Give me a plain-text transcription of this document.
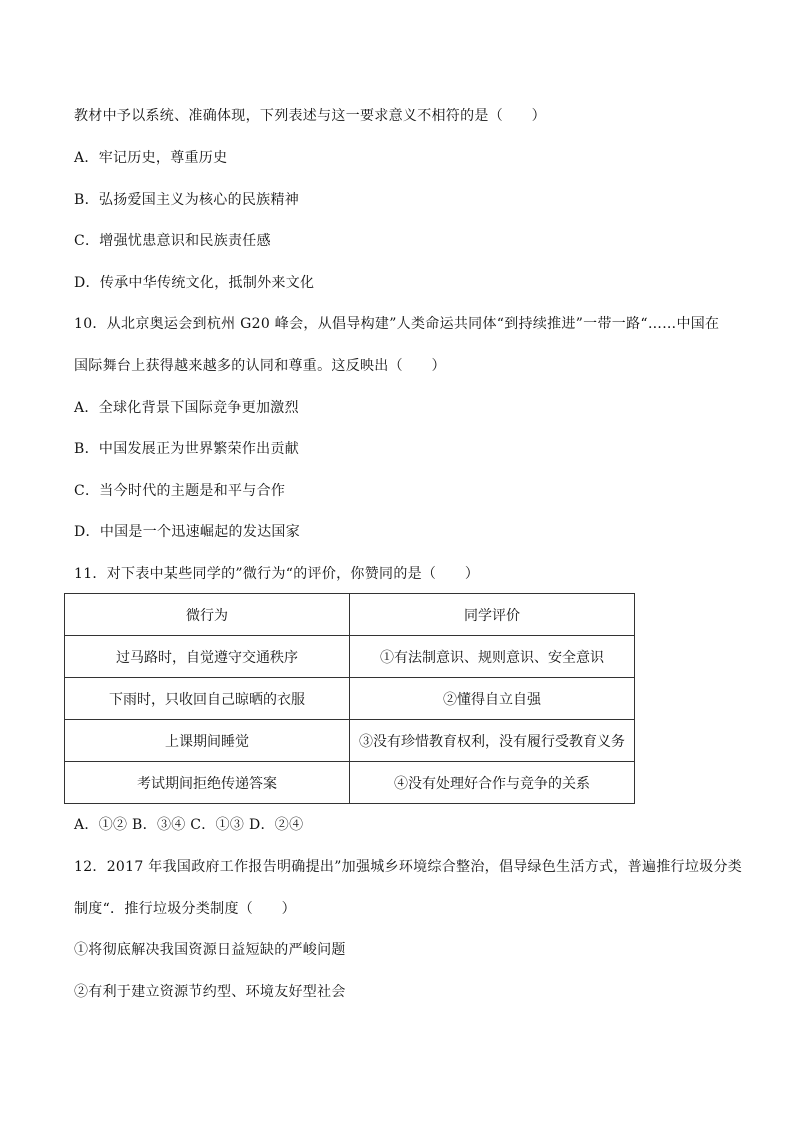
教材中予以系统、准确体现，下列表述与这一要求意义不相符的是（　　）
A．牢记历史，尊重历史
B．弘扬爱国主义为核心的民族精神
C．增强忧患意识和民族责任感
D．传承中华传统文化，抵制外来文化
10．从北京奥运会到杭州 G20 峰会，从倡导构建”人类命运共同体“到持续推进”一带一路“……中国在
国际舞台上获得越来越多的认同和尊重。这反映出（　　）
A．全球化背景下国际竞争更加激烈
B．中国发展正为世界繁荣作出贡献
C．当今时代的主题是和平与合作
D．中国是一个迅速崛起的发达国家
11．对下表中某些同学的”微行为“的评价，你赞同的是（　　）
微行为	同学评价
过马路时，自觉遵守交通秩序	①有法制意识、规则意识、安全意识
下雨时，只收回自己晾晒的衣服	②懂得自立自强
上课期间睡觉	③没有珍惜教育权利，没有履行受教育义务
考试期间拒绝传递答案	④没有处理好合作与竞争的关系
A．①② B．③④ C．①③ D．②④
12．2017 年我国政府工作报告明确提出”加强城乡环境综合整治，倡导绿色生活方式，普遍推行垃圾分类
制度“．推行垃圾分类制度（　　）
①将彻底解决我国资源日益短缺的严峻问题
②有利于建立资源节约型、环境友好型社会
